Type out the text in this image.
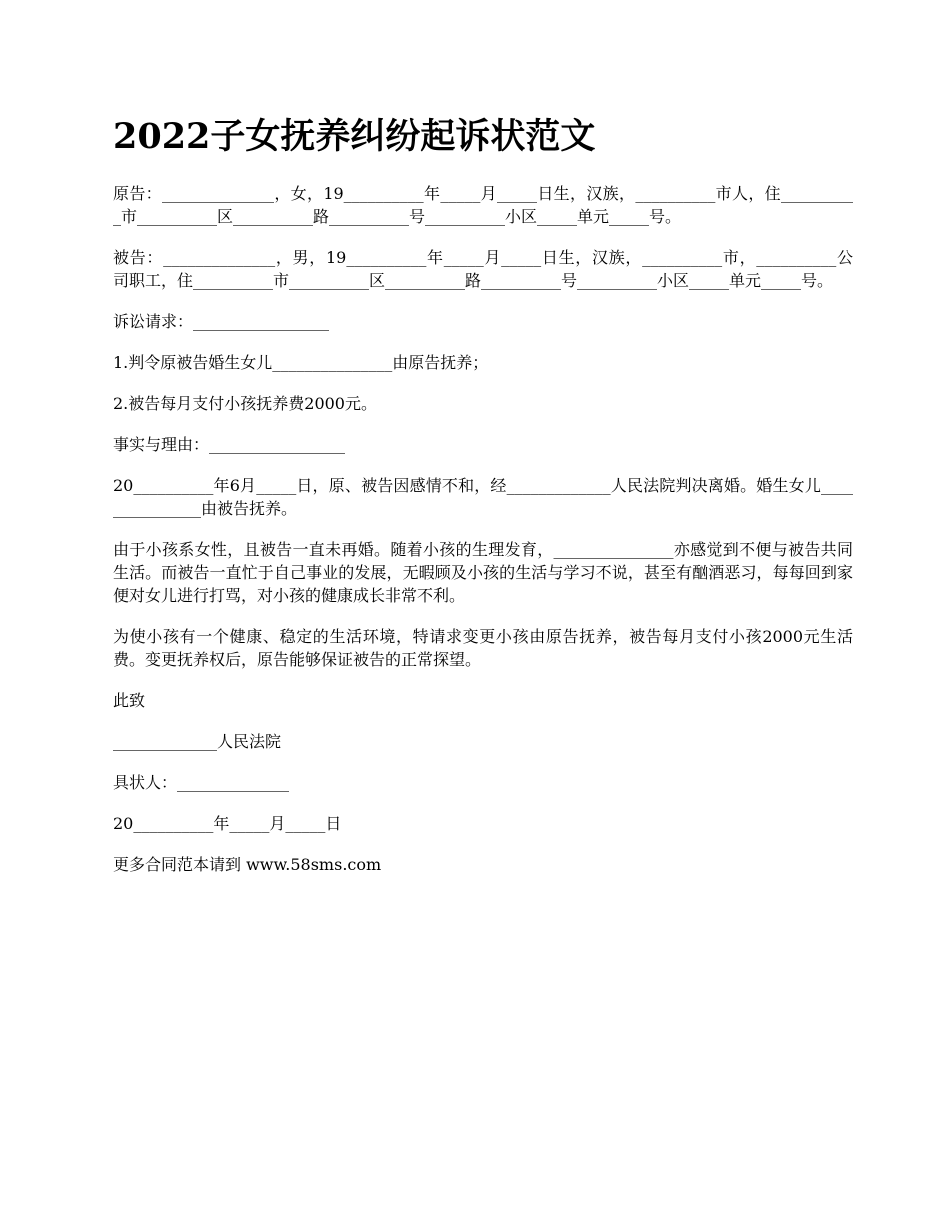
2022子女抚养纠纷起诉状范文

原告：______________，女，19__________年_____月_____日生，汉族，__________市人，住__________市__________区__________路__________号__________小区_____单元_____号。

被告：______________，男，19__________年_____月_____日生，汉族，__________市，__________公司职工，住__________市__________区__________路__________号__________小区_____单元_____号。

诉讼请求：_________________

1.判令原被告婚生女儿_______________由原告抚养；

2.被告每月支付小孩抚养费2000元。

事实与理由：_________________

20__________年6月_____日，原、被告因感情不和，经_____________人民法院判决离婚。婚生女儿_______________由被告抚养。

由于小孩系女性，且被告一直未再婚。随着小孩的生理发育，_______________亦感觉到不便与被告共同生活。而被告一直忙于自己事业的发展，无暇顾及小孩的生活与学习不说，甚至有酗酒恶习，每每回到家便对女儿进行打骂，对小孩的健康成长非常不利。

为使小孩有一个健康、稳定的生活环境，特请求变更小孩由原告抚养，被告每月支付小孩2000元生活费。变更抚养权后，原告能够保证被告的正常探望。

此致

_____________人民法院

具状人：______________

20__________年_____月_____日

更多合同范本请到 www.58sms.com
